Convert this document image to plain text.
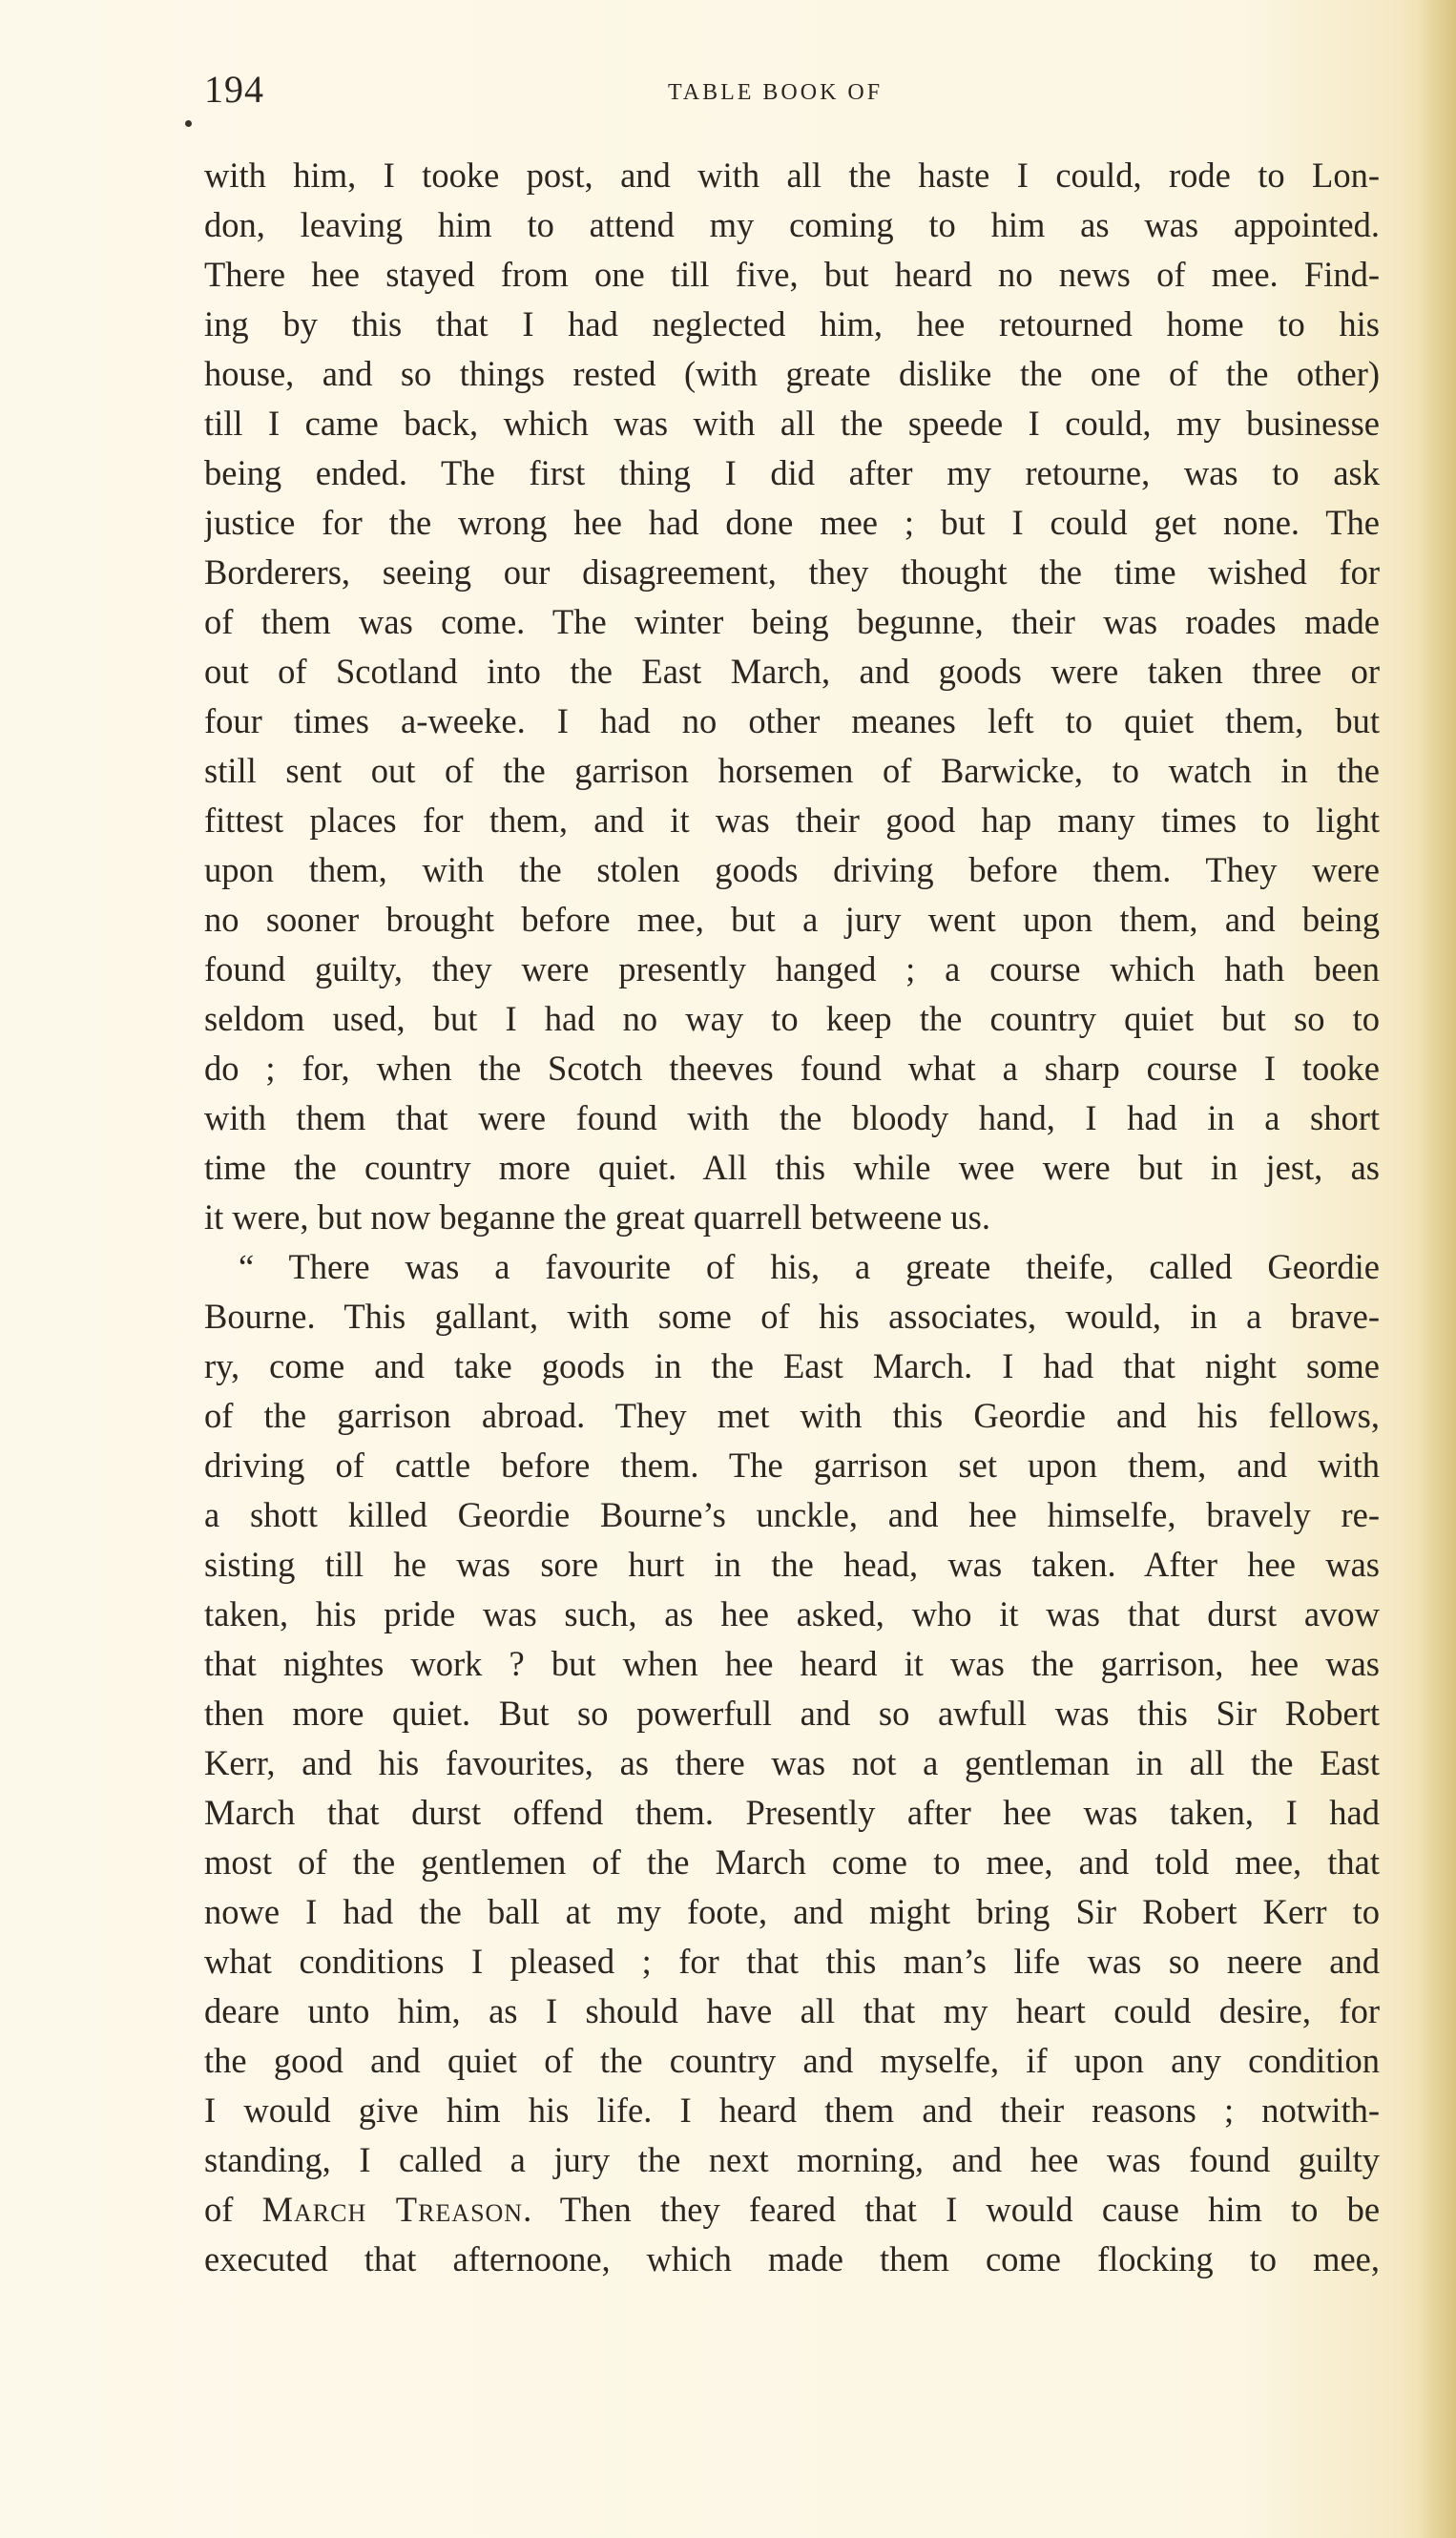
194	TABLE BOOK OF
with him, I tooke post, and with all the haste I could, rode to Lon-
don, leaving him to attend my coming to him as was appointed.
There hee stayed from one till five, but heard no news of mee. Find-
ing by this that I had neglected him, hee retourned home to his
house, and so things rested (with greate dislike the one of the other)
till I came back, which was with all the speede I could, my businesse
being ended. The first thing I did after my retourne, was to ask
justice for the wrong hee had done mee ; but I could get none. The
Borderers, seeing our disagreement, they thought the time wished for
of them was come. The winter being begunne, their was roades made
out of Scotland into the East March, and goods were taken three or
four times a-weeke. I had no other meanes left to quiet them, but
still sent out of the garrison horsemen of Barwicke, to watch in the
fittest places for them, and it was their good hap many times to light
upon them, with the stolen goods driving before them. They were
no sooner brought before mee, but a jury went upon them, and being
found guilty, they were presently hanged ; a course which hath been
seldom used, but I had no way to keep the country quiet but so to
do ; for, when the Scotch theeves found what a sharp course I tooke
with them that were found with the bloody hand, I had in a short
time the country more quiet. All this while wee were but in jest, as
it were, but now beganne the great quarrell betweene us.
“ There was a favourite of his, a greate theife, called Geordie
Bourne. This gallant, with some of his associates, would, in a brave-
ry, come and take goods in the East March. I had that night some
of the garrison abroad. They met with this Geordie and his fellows,
driving of cattle before them. The garrison set upon them, and with
a shott killed Geordie Bourne’s unckle, and hee himselfe, bravely re-
sisting till he was sore hurt in the head, was taken. After hee was
taken, his pride was such, as hee asked, who it was that durst avow
that nightes work ? but when hee heard it was the garrison, hee was
then more quiet. But so powerfull and so awfull was this Sir Robert
Kerr, and his favourites, as there was not a gentleman in all the East
March that durst offend them. Presently after hee was taken, I had
most of the gentlemen of the March come to mee, and told mee, that
nowe I had the ball at my foote, and might bring Sir Robert Kerr to
what conditions I pleased ; for that this man’s life was so neere and
deare unto him, as I should have all that my heart could desire, for
the good and quiet of the country and myselfe, if upon any condition
I would give him his life. I heard them and their reasons ; notwith-
standing, I called a jury the next morning, and hee was found guilty
of March Treason. Then they feared that I would cause him to be
executed that afternoone, which made them come flocking to mee,
